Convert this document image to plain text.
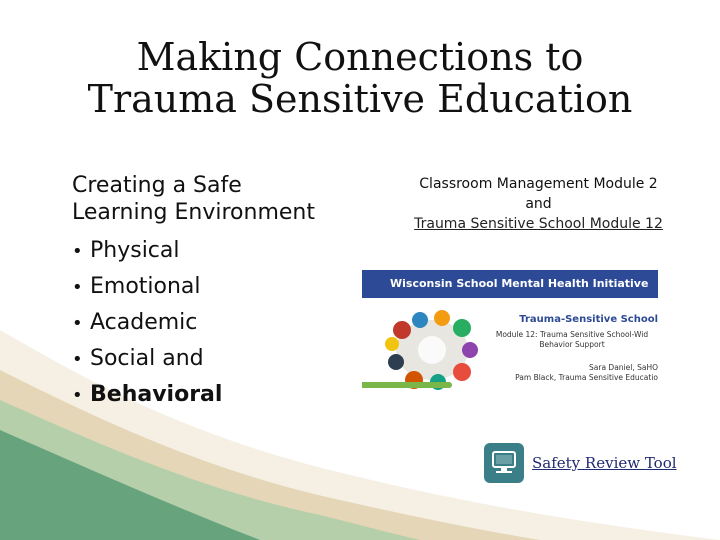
Making Connections to
Trauma Sensitive Education
Creating a Safe
Learning Environment
• Physical
• Emotional
• Academic
• Social and
• Behavioral
Classroom Management Module 2
and
Trauma Sensitive School Module 12
Wisconsin School Mental Health Initiative
Trauma-Sensitive School
Module 12: Trauma Sensitive School-Wid
Behavior Support
Sara Daniel, SaHO
Pam Black, Trauma Sensitive Educatio
Safety Review Tool
